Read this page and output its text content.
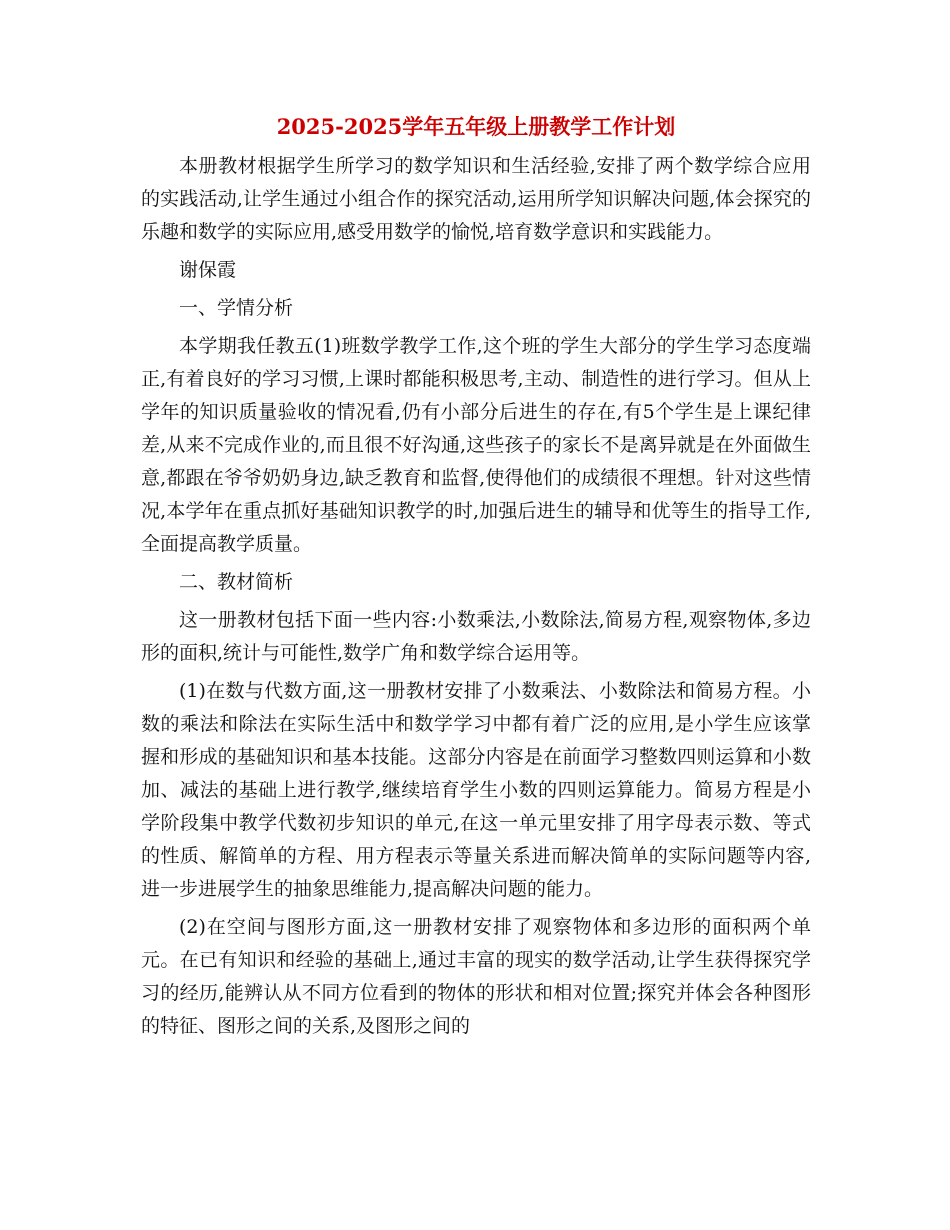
2025-2025学年五年级上册教学工作计划

本册教材根据学生所学习的数学知识和生活经验,安排了两个数学综合应用的实践活动,让学生通过小组合作的探究活动,运用所学知识解决问题,体会探究的乐趣和数学的实际应用,感受用数学的愉悦,培育数学意识和实践能力。

谢保霞

一、学情分析

本学期我任教五(1)班数学教学工作,这个班的学生大部分的学生学习态度端正,有着良好的学习习惯,上课时都能积极思考,主动、制造性的进行学习。但从上学年的知识质量验收的情况看,仍有小部分后进生的存在,有5个学生是上课纪律差,从来不完成作业的,而且很不好沟通,这些孩子的家长不是离异就是在外面做生意,都跟在爷爷奶奶身边,缺乏教育和监督,使得他们的成绩很不理想。针对这些情况,本学年在重点抓好基础知识教学的时,加强后进生的辅导和优等生的指导工作,全面提高教学质量。

二、教材简析

这一册教材包括下面一些内容:小数乘法,小数除法,简易方程,观察物体,多边形的面积,统计与可能性,数学广角和数学综合运用等。

(1)在数与代数方面,这一册教材安排了小数乘法、小数除法和简易方程。小数的乘法和除法在实际生活中和数学学习中都有着广泛的应用,是小学生应该掌握和形成的基础知识和基本技能。这部分内容是在前面学习整数四则运算和小数加、减法的基础上进行教学,继续培育学生小数的四则运算能力。简易方程是小学阶段集中教学代数初步知识的单元,在这一单元里安排了用字母表示数、等式的性质、解简单的方程、用方程表示等量关系进而解决简单的实际问题等内容,进一步进展学生的抽象思维能力,提高解决问题的能力。

(2)在空间与图形方面,这一册教材安排了观察物体和多边形的面积两个单元。在已有知识和经验的基础上,通过丰富的现实的数学活动,让学生获得探究学习的经历,能辨认从不同方位看到的物体的形状和相对位置;探究并体会各种图形的特征、图形之间的关系,及图形之间的
